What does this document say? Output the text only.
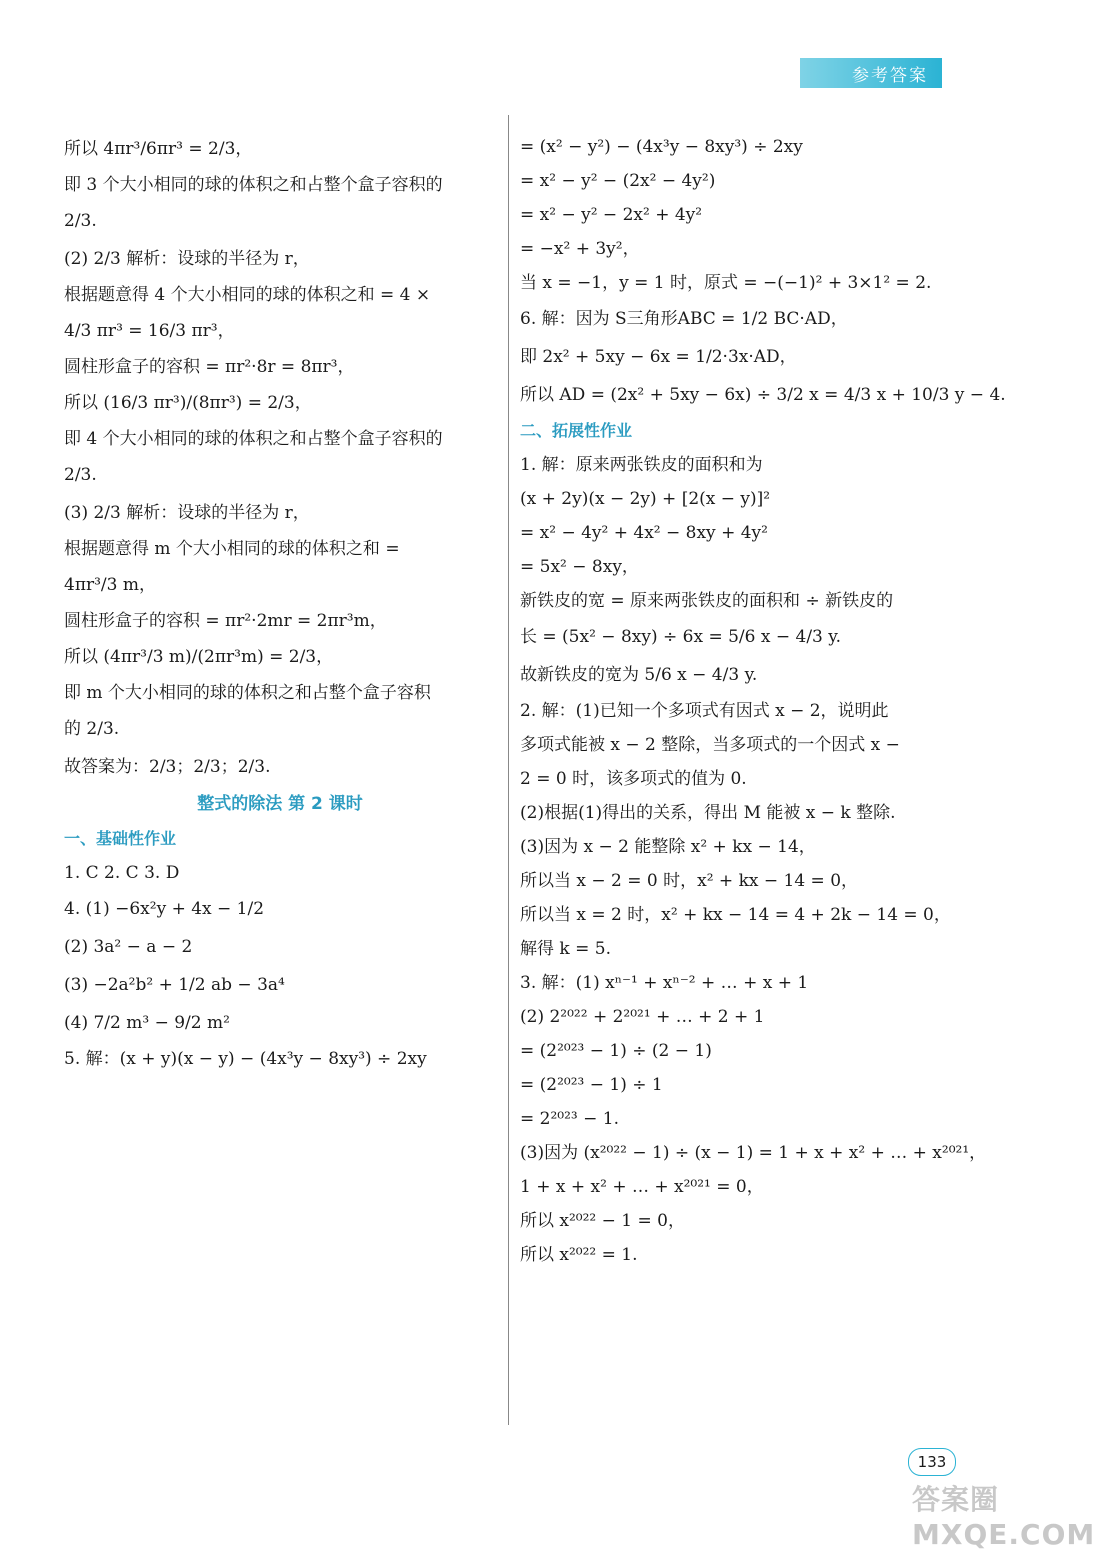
参考答案
所以 4πr³/6πr³ = 2/3，
即 3 个大小相同的球的体积之和占整个盒子容积的
2/3.
(2) 2/3 解析：设球的半径为 r，
根据题意得 4 个大小相同的球的体积之和 = 4 ×
4/3 πr³ = 16/3 πr³，
圆柱形盒子的容积 = πr²·8r = 8πr³，
所以 (16/3 πr³)/(8πr³) = 2/3，
即 4 个大小相同的球的体积之和占整个盒子容积的
2/3.
(3) 2/3 解析：设球的半径为 r，
根据题意得 m 个大小相同的球的体积之和 =
4πr³/3 m，
圆柱形盒子的容积 = πr²·2mr = 2πr³m，
所以 (4πr³/3 m)/(2πr³m) = 2/3，
即 m 个大小相同的球的体积之和占整个盒子容积
的 2/3.
故答案为：2/3；2/3；2/3.
整式的除法 第 2 课时
一、基础性作业
1. C 2. C 3. D
4. (1) −6x²y + 4x − 1/2
(2) 3a² − a − 2
(3) −2a²b² + 1/2 ab − 3a⁴
(4) 7/2 m³ − 9/2 m²
5. 解：(x + y)(x − y) − (4x³y − 8xy³) ÷ 2xy
= (x² − y²) − (4x³y − 8xy³) ÷ 2xy
= x² − y² − (2x² − 4y²)
= x² − y² − 2x² + 4y²
= −x² + 3y²，
当 x = −1，y = 1 时，原式 = −(−1)² + 3×1² = 2.
6. 解：因为 S三角形ABC = 1/2 BC·AD，
即 2x² + 5xy − 6x = 1/2·3x·AD，
所以 AD = (2x² + 5xy − 6x) ÷ 3/2 x = 4/3 x + 10/3 y − 4.
二、拓展性作业
1. 解：原来两张铁皮的面积和为
(x + 2y)(x − 2y) + [2(x − y)]²
= x² − 4y² + 4x² − 8xy + 4y²
= 5x² − 8xy，
新铁皮的宽 = 原来两张铁皮的面积和 ÷ 新铁皮的
长 = (5x² − 8xy) ÷ 6x = 5/6 x − 4/3 y.
故新铁皮的宽为 5/6 x − 4/3 y.
2. 解：(1)已知一个多项式有因式 x − 2，说明此
多项式能被 x − 2 整除，当多项式的一个因式 x −
2 = 0 时，该多项式的值为 0.
(2)根据(1)得出的关系，得出 M 能被 x − k 整除.
(3)因为 x − 2 能整除 x² + kx − 14，
所以当 x − 2 = 0 时，x² + kx − 14 = 0，
所以当 x = 2 时，x² + kx − 14 = 4 + 2k − 14 = 0，
解得 k = 5.
3. 解：(1) xⁿ⁻¹ + xⁿ⁻² + … + x + 1
(2) 2²⁰²² + 2²⁰²¹ + … + 2 + 1
= (2²⁰²³ − 1) ÷ (2 − 1)
= (2²⁰²³ − 1) ÷ 1
= 2²⁰²³ − 1.
(3)因为 (x²⁰²² − 1) ÷ (x − 1) = 1 + x + x² + … + x²⁰²¹，
1 + x + x² + … + x²⁰²¹ = 0，
所以 x²⁰²² − 1 = 0，
所以 x²⁰²² = 1.
133
答案圈 MXQE.COM
